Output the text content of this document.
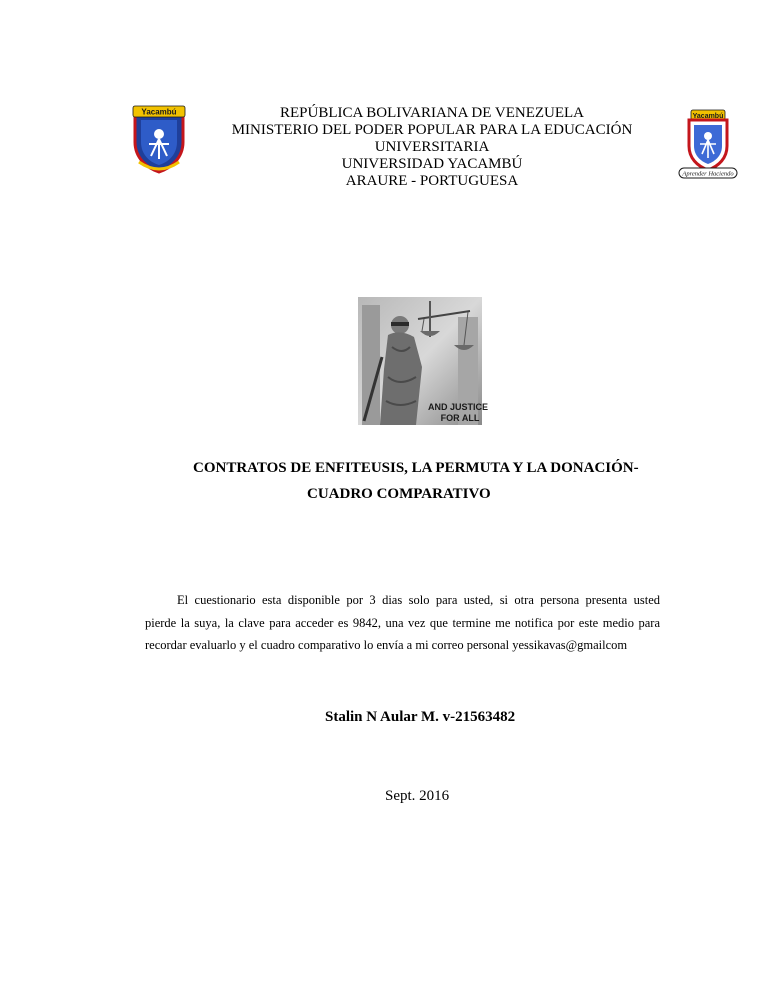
Yacambú	Yacambú
Aprender Haciendo
REPÚBLICA BOLIVARIANA DE VENEZUELA
MINISTERIO DEL PODER POPULAR PARA LA EDUCACIÓN
UNIVERSITARIA
UNIVERSIDAD YACAMBÚ
ARAURE - PORTUGUESA
AND JUSTICE
FOR ALL
CONTRATOS DE ENFITEUSIS, LA PERMUTA Y LA DONACIÓN-
CUADRO COMPARATIVO
El cuestionario esta disponible por 3 dias solo para usted, si otra persona presenta usted
pierde la suya, la clave para acceder es 9842, una vez que termine me notifica por este medio para
recordar evaluarlo y el cuadro comparativo lo envía a mi correo personal yessikavas@gmailcom
Stalin N Aular M. v-21563482
Sept. 2016
